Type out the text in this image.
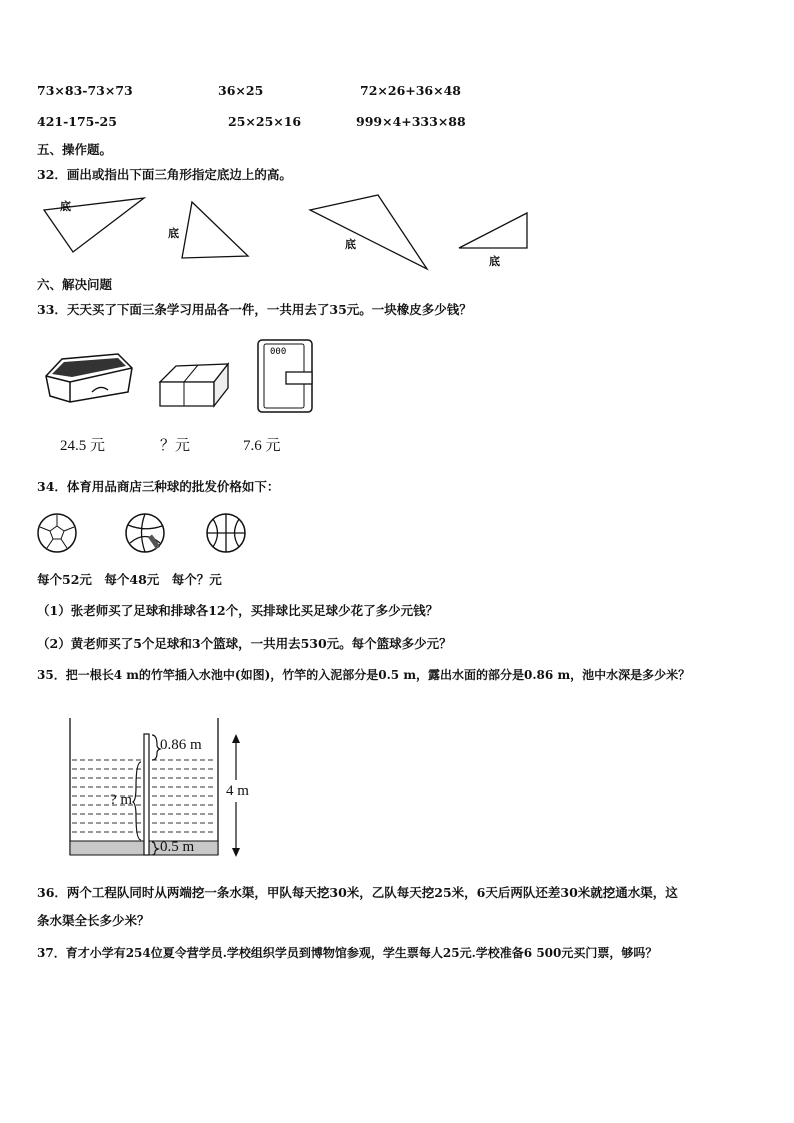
73×83-73×73	36×25	72×26+36×48
421-175-25	25×25×16	999×4+333×88
五、操作题。
32．画出或指出下面三角形指定底边上的高。
底
底
底
底
六、解决问题
33．天天买了下面三条学习用品各一件，一共用去了35元。一块橡皮多少钱？
000
24.5 元	？元	7.6 元
34．体育用品商店三种球的批发价格如下：
每个52元　每个48元　每个？元
（1）张老师买了足球和排球各12个，买排球比买足球少花了多少元钱？
（2）黄老师买了5个足球和3个篮球，一共用去530元。每个篮球多少元？
35．把一根长4 m的竹竿插入水池中(如图)，竹竿的入泥部分是0.5 m，露出水面的部分是0.86 m，池中水深是多少米？
0.86 m
4 m
? m
0.5 m
36．两个工程队同时从两端挖一条水渠，甲队每天挖30米，乙队每天挖25米，6天后两队还差30米就挖通水渠，这
条水渠全长多少米？
37．育才小学有254位夏令营学员.学校组织学员到博物馆参观，学生票每人25元.学校准备6 500元买门票，够吗？
